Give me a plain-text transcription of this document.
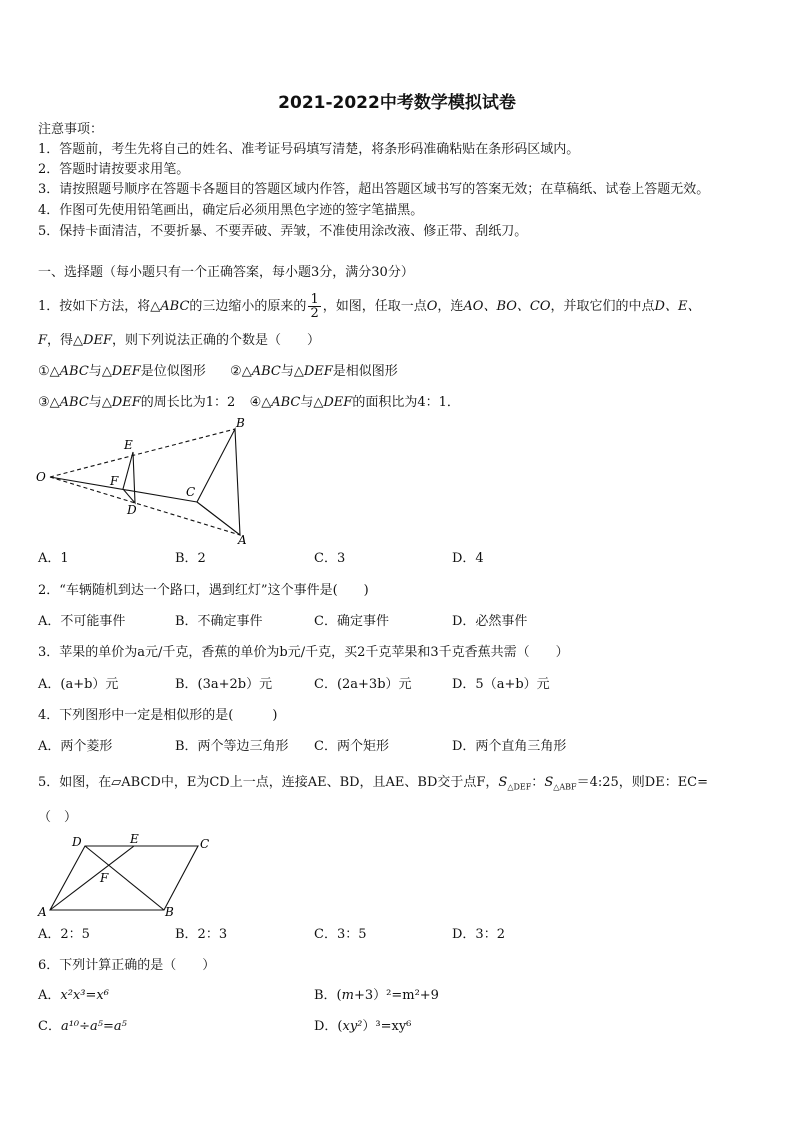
2021-2022中考数学模拟试卷
注意事项：
1．答题前，考生先将自己的姓名、准考证号码填写清楚，将条形码准确粘贴在条形码区域内。
2．答题时请按要求用笔。
3．请按照题号顺序在答题卡各题目的答题区域内作答，超出答题区域书写的答案无效；在草稿纸、试卷上答题无效。
4．作图可先使用铅笔画出，确定后必须用黑色字迹的签字笔描黑。
5．保持卡面清洁，不要折暴、不要弄破、弄皱，不准使用涂改液、修正带、刮纸刀。
一、选择题（每小题只有一个正确答案，每小题3分，满分30分）
1．按如下方法，将△ABC的三边缩小的原来的 $\frac{1}{2}$ ，如图，任取一点O，连AO、BO、CO，并取它们的中点D、E、
F，得△DEF，则下列说法正确的个数是（　　）
①△ABC与△DEF是位似图形 ②△ABC与△DEF是相似图形
③△ABC与△DEF的周长比为1：2 ④△ABC与△DEF的面积比为4：1．
O
E
F
D
C
B
A
A．1	B．2	C．3	D．4
2．“车辆随机到达一个路口，遇到红灯”这个事件是(　　)
A．不可能事件	B．不确定事件	C．确定事件	D．必然事件
3．苹果的单价为a元/千克，香蕉的单价为b元/千克，买2千克苹果和3千克香蕉共需（　　）
A．(a+b）元	B．(3a+2b）元	C．(2a+3b）元	D．5（a+b）元
4．下列图形中一定是相似形的是(　　　)
A．两个菱形	B．两个等边三角形 C．两个矩形	D．两个直角三角形
5．如图，在▱ABCD中，E为CD上一点，连接AE、BD，且AE、BD交于点F，$S_{\triangle DEF}$：$S_{\triangle ABF}=4:25$，则DE：EC=
（　）
D	E	C
F
A	B
A．2：5	B．2：3	C．3：5	D．3：2
6．下列计算正确的是（　　）
A．x²x³=x⁶	B．(m+3）²=m²+9
C．a¹⁰÷a⁵=a⁵	D．(xy²）³=xy⁶
